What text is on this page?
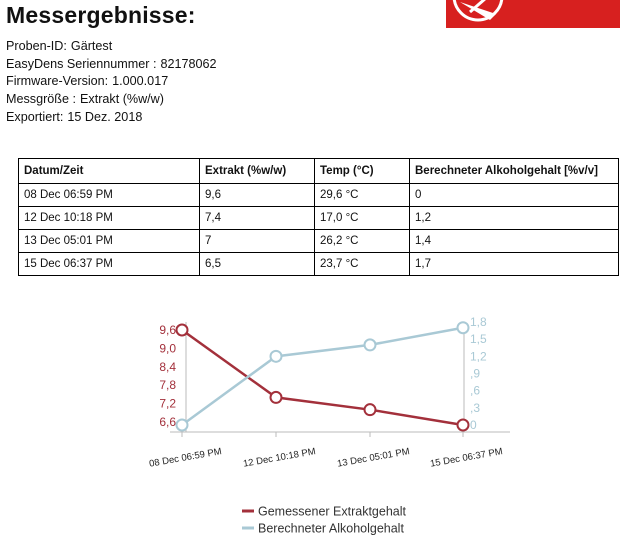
Messergebnisse:
Proben-ID: Gärtest
EasyDens Seriennummer : 82178062
Firmware-Version: 1.000.017
Messgröße : Extrakt (%w/w)
Exportiert: 15 Dez. 2018
Datum/Zeit	Extrakt (%w/w)	Temp (°C)	Berechneter Alkoholgehalt [%v/v]
08 Dec 06:59 PM	9,6	29,6 °C	0
12 Dec 10:18 PM	7,4	17,0 °C	1,2
13 Dec 05:01 PM	7	26,2 °C	1,4
15 Dec 06:37 PM	6,5	23,7 °C	1,7
08 Dec 06:59 PM 12 Dec 10:18 PM 13 Dec 05:01 PM 15 Dec 06:37 PM
9,6
9,0
8,4
7,8
7,2
6,6
1,8
1,5
1,2
,9
,6
,3
0
Gemessener Extraktgehalt
Berechneter Alkoholgehalt
